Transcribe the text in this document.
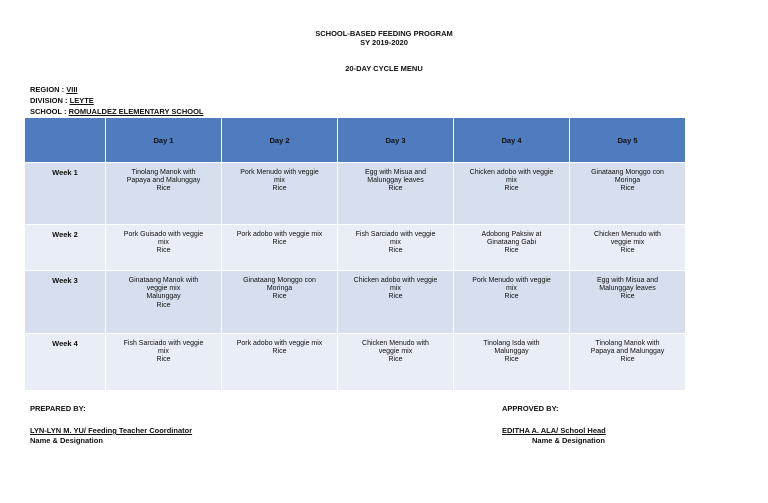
SCHOOL-BASED FEEDING PROGRAM
SY 2019-2020
20-DAY CYCLE MENU
REGION : VIII
DIVISION : LEYTE
SCHOOL : ROMUALDEZ ELEMENTARY SCHOOL
	Day 1	Day 2	Day 3	Day 4	Day 5
Week 1	Tinolang Manok with
Papaya and Malunggay
Rice	Pork Menudo with veggie
mix
Rice	Egg with Misua and
Malunggay leaves
Rice	Chicken adobo with veggie
mix
Rice	Ginataang Monggo con
Moringa
Rice

Week 2	Pork Guisado with veggie
mix
Rice	Pork adobo with veggie mix
Rice	Fish Sarciado with veggie
mix
Rice	Adobong Paksiw at
Ginataang Gabi
Rice	Chicken Menudo with
veggie mix
Rice

Week 3	Ginataang Manok with
veggie mix
Malunggay
Rice	Ginataang Monggo con
Moringa
Rice	Chicken adobo with veggie
mix
Rice	Pork Menudo with veggie
mix
Rice	Egg with Misua and
Malunggay leaves
Rice

Week 4	Fish Sarciado with veggie
mix
Rice	Pork adobo with veggie mix
Rice	Chicken Menudo with
veggie mix
Rice	Tinolang Isda with
Malunggay
Rice	Tinolang Manok with
Papaya and Malunggay
Rice
PREPARED BY:
LYN-LYN M. YU/ Feeding Teacher Coordinator
Name & Designation
APPROVED BY:
EDITHA A. ALA/ School Head
Name & Designation
